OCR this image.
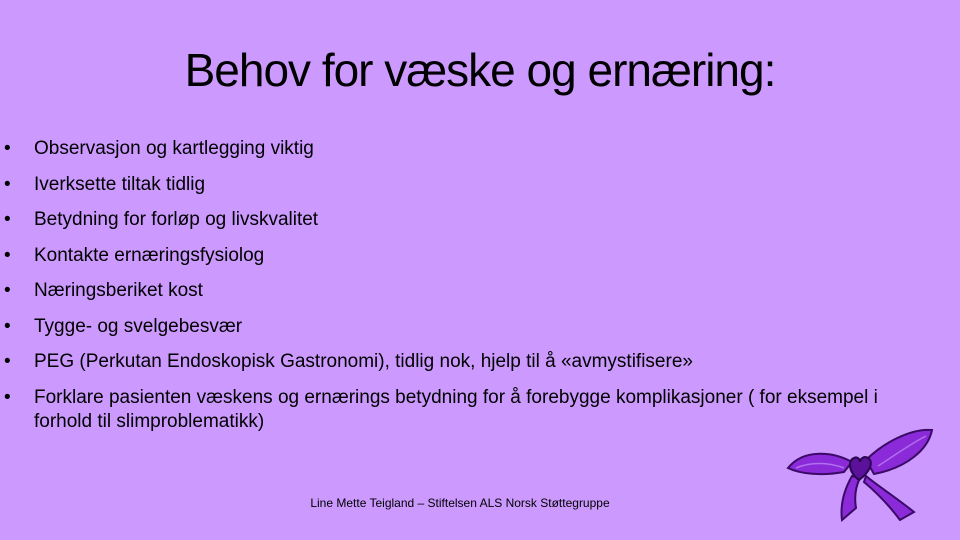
Behov for væske og ernæring:
• Observasjon og kartlegging viktig
• Iverksette tiltak tidlig
• Betydning for forløp og livskvalitet
• Kontakte ernæringsfysiolog
• Næringsberiket kost
• Tygge- og svelgebesvær
• PEG (Perkutan Endoskopisk Gastronomi), tidlig nok, hjelp til å «avmystifisere»
• Forklare pasienten væskens og ernærings betydning for å forebygge komplikasjoner ( for eksempel i forhold til slimproblematikk)
Line Mette Teigland – Stiftelsen ALS Norsk Støttegruppe
